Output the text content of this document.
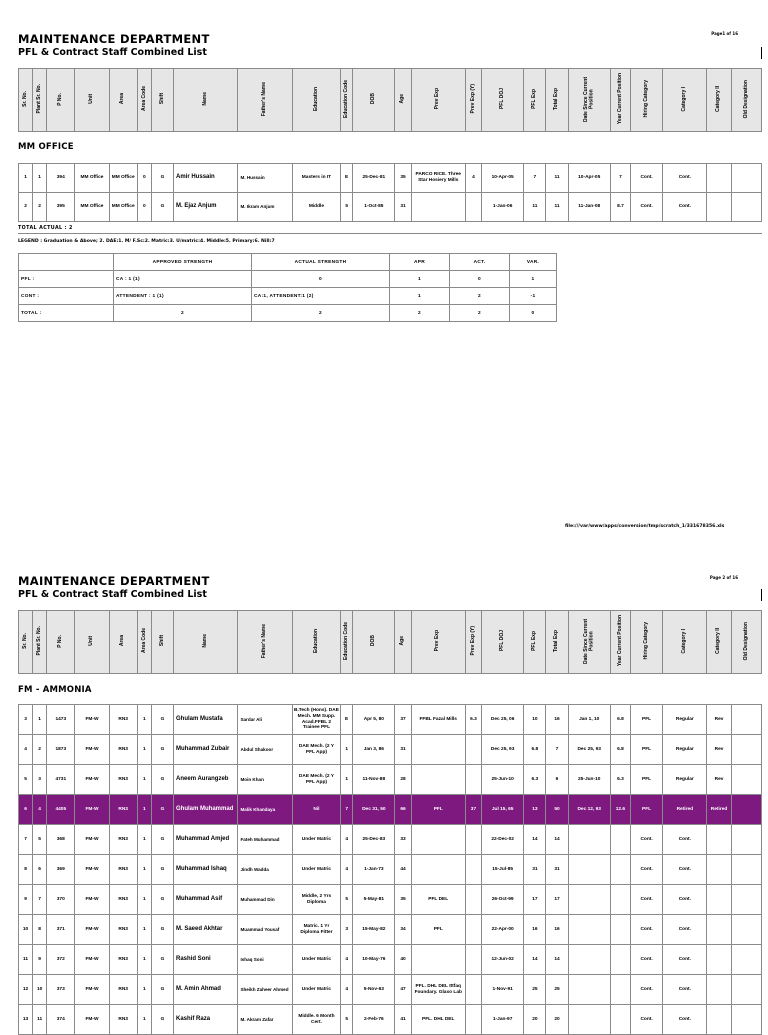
Page1 of 16
MAINTENANCE DEPARTMENT
PFL & Contract Staff Combined List
Sr. No.	Plant Sr. No.	P No.	Unit	Area	Area Code	Shift	Name	Father's Name	Education	Education Code	DOB	Age	Prev Exp	Prev Exp (Y)	PFL DOJ	PFL Exp	Total Exp	Date Since Current Position	Year Current Position	Hiring Category	Category I	Category II	Old Designation
MM OFFICE
1	1	394	MM Office	MM Office	0	G	Amir Hussain	M. Hussain	Masters in IT	E	25-Dec-81	35	PARCO RICE. Three Star Hosiery Mills	4	10-Apr-05	7	11	10-Apr-05	7	Cont.	Cont.		
2	2	395	MM Office	MM Office	0	G	M. Ejaz Anjum	M. Ikram Anjum	Middle	5	1-Oct-85	31			1-Jan-06	11	11	11-Jan-08	8.7	Cont.	Cont.		
TOTAL ACTUAL : 2
LEGEND : Graduation & Above; 2. DAE:1. M/ F.Sc:2. Matric:3. U/matric:4. Middle:5. Primary:6. Nill:7
	APPROVED STRENGTH	ACTUAL STRENGTH	APR	ACT.	VAR.
PFL :	CA : 1 (1)	0	1	0	1
CONT :	ATTENDENT : 1 (1)	CA:1, ATTENDENT:1 (2)	1	2	-1
TOTAL :	2	2	2	2	0
file:///var/www/apps/conversion/tmp/scratch_1/331678356.xls
Page 2 of 16
MAINTENANCE DEPARTMENT
PFL & Contract Staff Combined List
Sr. No.	Plant Sr. No.	P No.	Unit	Area	Area Code	Shift	Name	Father's Name	Education	Education Code	DOB	Age	Prev Exp	Prev Exp (Y)	PFL DOJ	PFL Exp	Total Exp	Date Since Current Position	Year Current Position	Hiring Category	Category I	Category II	Old Designation
FM - AMMONIA
3	1	1473	FM-W	RN3	1	G	Ghulam Mustafa	Sardar Ali	B.Tech (Hons). DAE Mech. MM Supp. Acad.FFBL 2 Trainee PFL	E	Apr 5, 80	37	FFBL Fazal Mills	6.3	Dec 25, 06	10	16	Jan 1, 10	6.8	PFL	Regular	Rev	
4	2	1873	FM-W	RN3	1	G	Muhammad Zubair	Abdul Shakoor	DAE Mech. (2 Y PFL App)	1	Jan 3, 86	31			Dec 25, 93	6.8	7	Dec 25, 93	6.8	PFL	Regular	Rev	
5	3	4731	FM-W	RN3	1	G	Aneem Aurangzeb	Moin Khan	DAE Mech. (2 Y PFL App)	1	11-Nov-88	28			25-Jun-10	6.3	6	25-Jun-10	6.3	PFL	Regular	Rev	
6	4	4405	FM-W	RN3	1	G	Ghulam Muhammad	Malik Khandaya	Nil	7	Dec 31, 50	66	PFL	37	Jul 15, 65	13	50	Dec 12, 93	12.6	PFL	Retired	Retired	
7	5	368	FM-W	RN3	1	G	Muhammad Amjed	Fateh Muhammad	Under Matric	4	25-Dec-83	33			22-Dec-02	14	14			Cont.	Cont.		
8	6	369	FM-W	RN3	1	G	Muhammad Ishaq	Jindh Wadda	Under Matric	4	1-Jan-73	44			15-Jul-85	31	31			Cont.	Cont.		
9	7	370	FM-W	RN3	1	G	Muhammad Asif	Muhammad Din	Middle, 2 Yrs Diploma	5	5-May-81	35	PFL DEL		26-Oct-99	17	17			Cont.	Cont.		
10	8	371	FM-W	RN3	1	G	M. Saeed Akhtar	Muammad Yousaf	Matric. 1 Yr Diploma Fitter	3	15-May-82	34	PFL		22-Apr-00	16	16			Cont.	Cont.		
11	9	372	FM-W	RN3	1	G	Rashid Soni	Ishaq Soni	Under Matric	4	10-May-76	40			12-Jun-02	14	14			Cont.	Cont.		
12	10	373	FM-W	RN3	1	G	M. Amin Ahmad	Sheikh Zaheer Ahmed	Under Matric	4	5-Nov-63	47	PFL. DHL DEL Ittfaq Foundary. Glaxo Lab		1-Nov-91	25	25			Cont.	Cont.		
13	11	374	FM-W	RN3	1	G	Kashif Raza	M. Akram Zafar	Middle. 6 Month Cert.	5	2-Feb-76	41	PFL. DHL DEL		1-Jan-97	20	20			Cont.	Cont.		
